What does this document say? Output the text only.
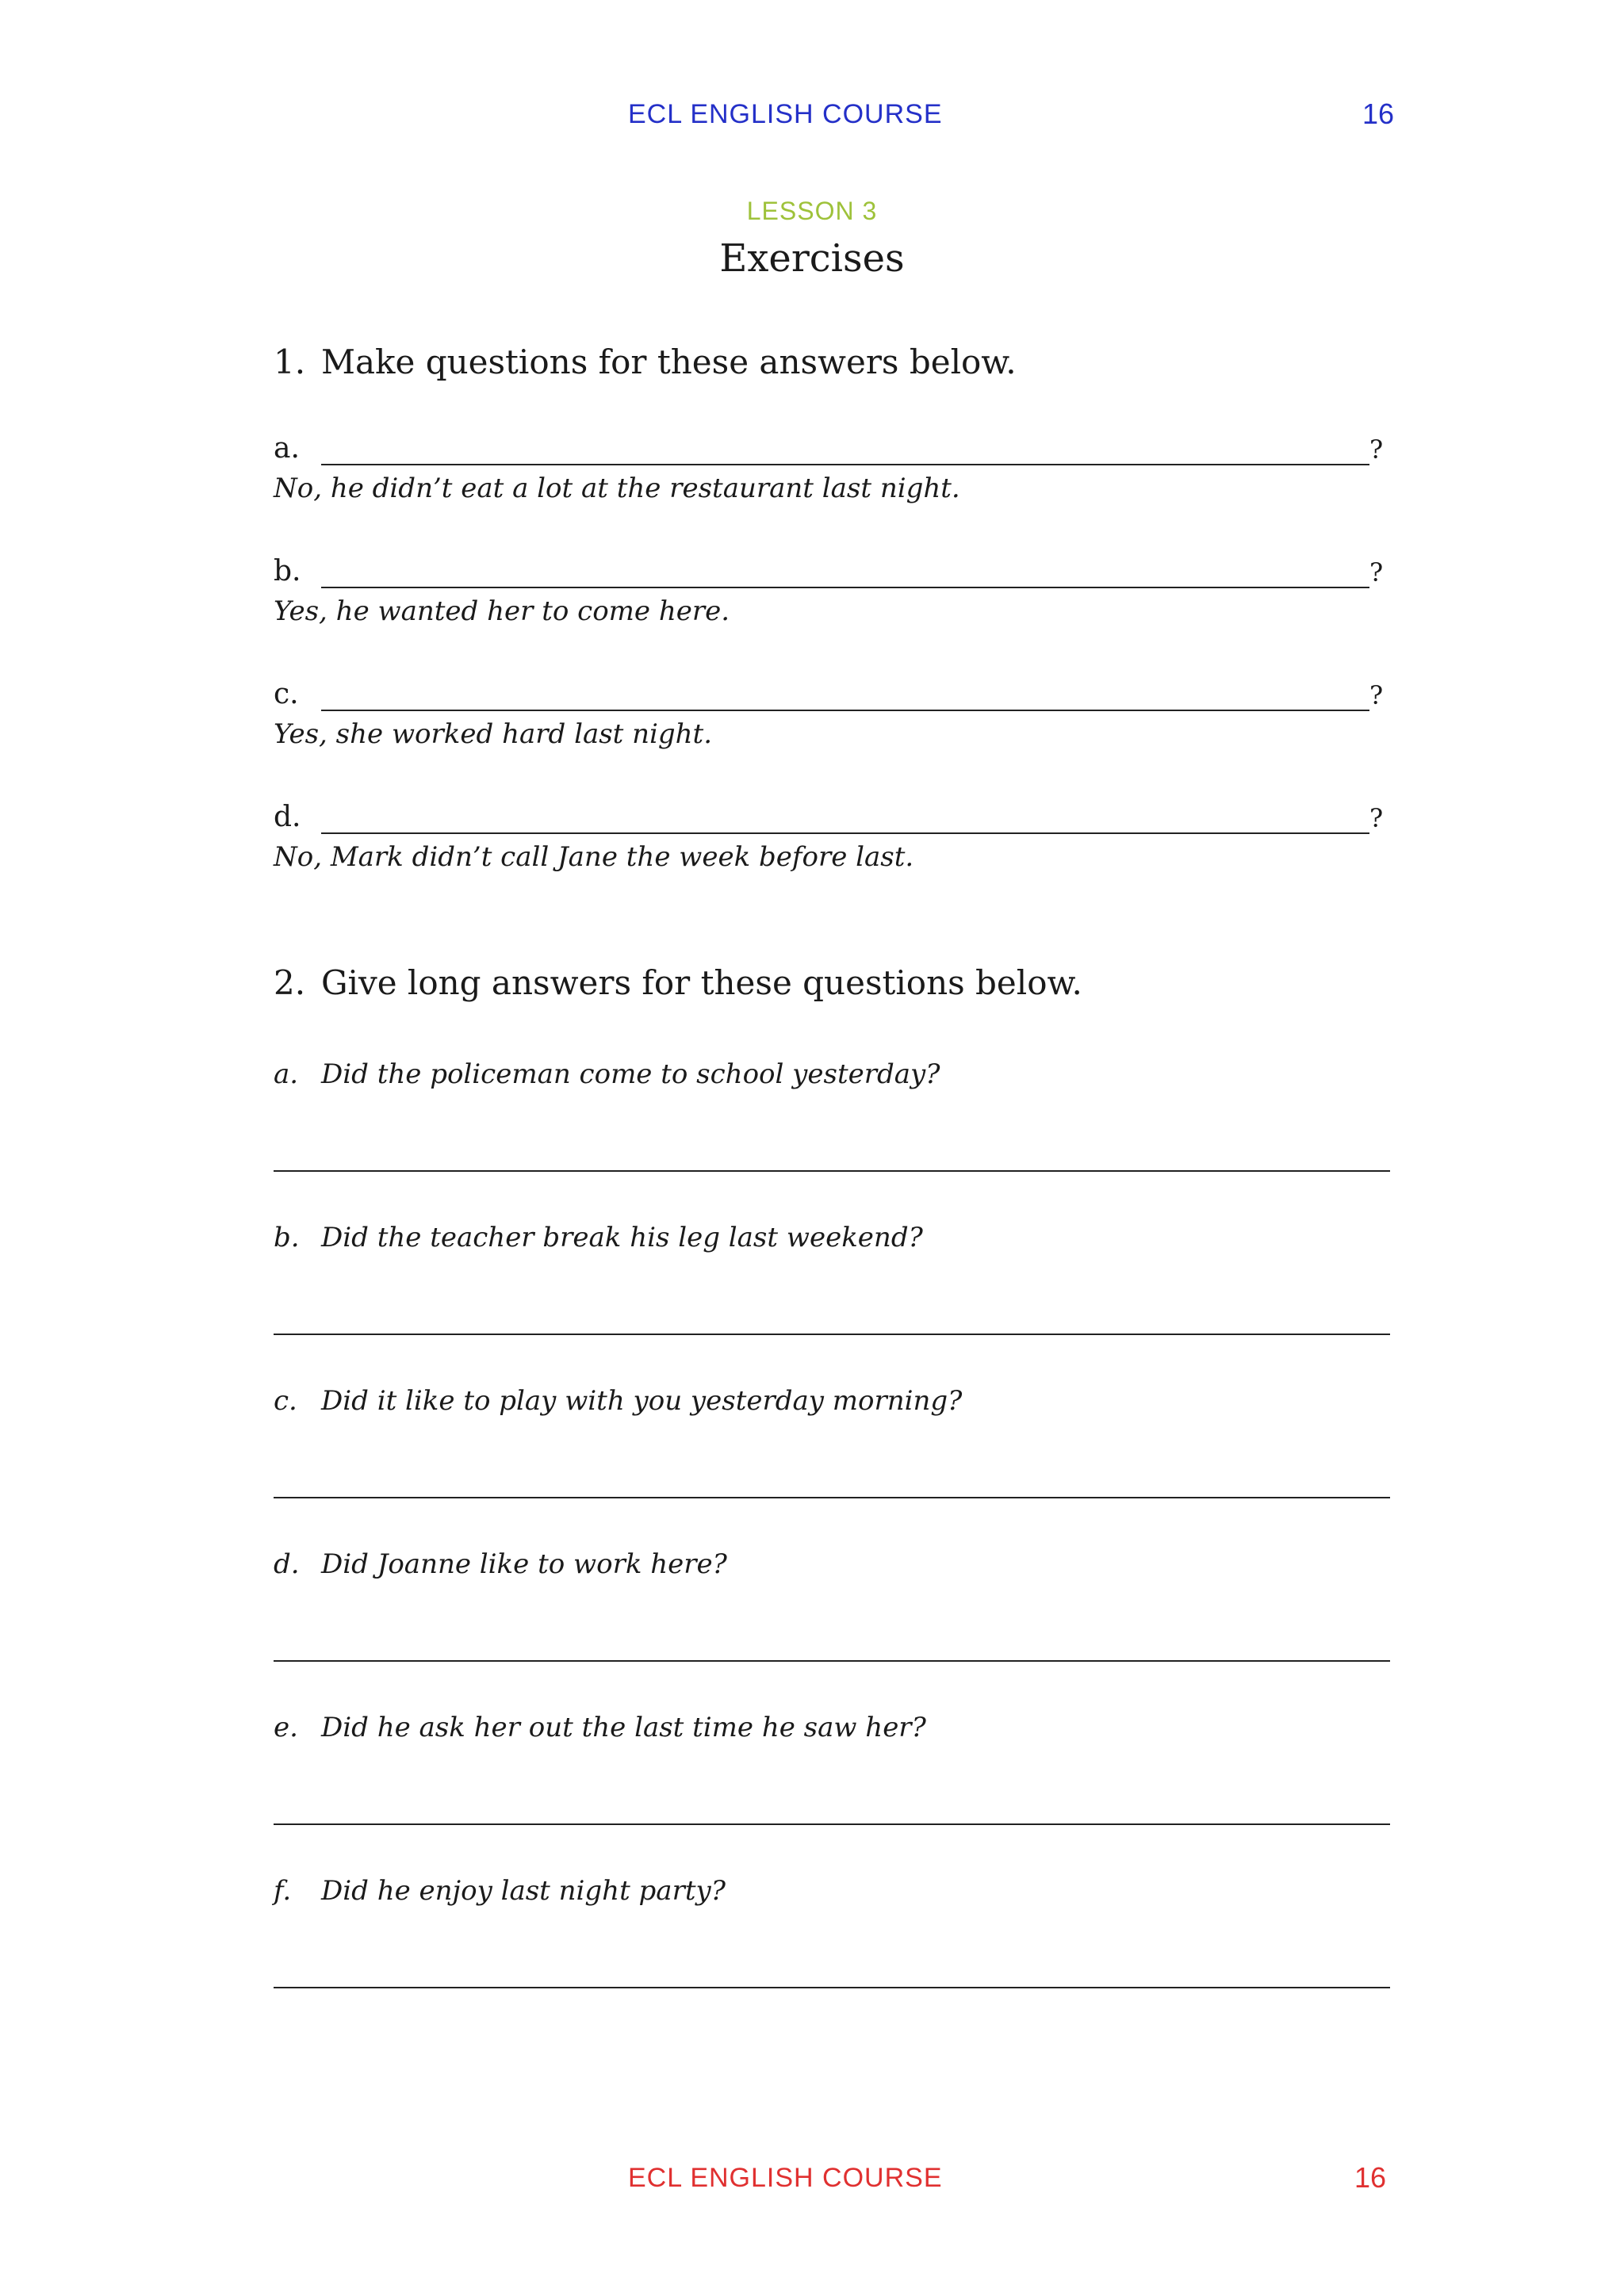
ECL ENGLISH COURSE	16
LESSON 3
Exercises
1. Make questions for these answers below.
a.	?
No, he didn’t eat a lot at the restaurant last night.
b.	?
Yes, he wanted her to come here.
c.	?
Yes, she worked hard last night.
d.	?
No, Mark didn’t call Jane the week before last.
2. Give long answers for these questions below.
a. Did the policeman come to school yesterday?
b. Did the teacher break his leg last weekend?
c. Did it like to play with you yesterday morning?
d. Did Joanne like to work here?
e. Did he ask her out the last time he saw her?
f. Did he enjoy last night party?
ECL ENGLISH COURSE	16
